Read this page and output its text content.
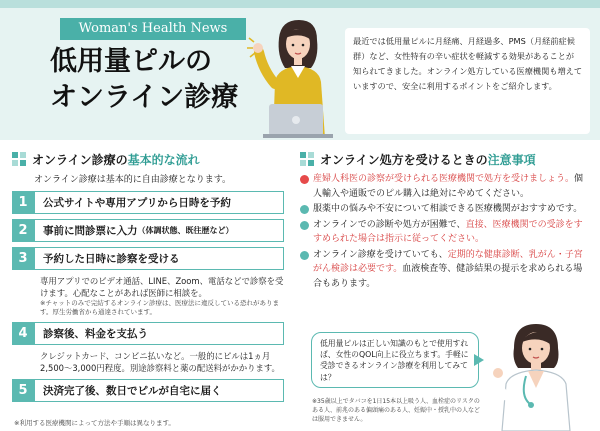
Woman's Health News
低用量ピルの
オンライン診療

最近では低用量ピルに月経痛、月経過多、PMS（月経前症候群）など、女性特有の辛い症状を軽減する効果があることが知られてきました。オンライン処方している医療機関も増えていますので、安全に利用するポイントをご紹介します。

オンライン診療の 基本的な流れ
オンライン診療は基本的に自由診療となります。
1	公式サイトや専用アプリから日時を予約
2	事前に問診票に入力 （体調状態、既往歴など）
3	予約した日時に診察を受ける
専用アプリでのビデオ通話、LINE、Zoom、電話などで診察を受けます。心配なことがあれば医師に相談を。
※チャットのみで完結するオンライン診療は、医療法に違反している恐れがあります。厚生労働省から通達されています。
4	診察後、料金を支払う
クレジットカード、コンビニ払いなど。一般的にピルは1ヵ月2,500〜3,000円程度。別途診察料と薬の配送料がかかります。
5	決済完了後、数日でピルが自宅に届く
※利用する医療機関によって方法や手順は異なります。
オンライン処方を受けるときの 注意事項
産婦人科医の診察が受けられる医療機関で処方を受けましょう。個人輸入や通販でのピル購入は絶対にやめてください。
服薬中の悩みや不安について相談できる医療機関がおすすめです。
オンラインでの診断や処方が困難で、直接、医療機関での受診をすすめられた場合は指示に従ってください。
オンライン診療を受けていても、定期的な健康診断、乳がん・子宮がん検診は必要です。血液検査等、健診結果の提示を求められる場合もあります。
低用量ピルは正しい知識のもとで使用すれば、女性のQOL向上に役立ちます。手軽に受診できるオンライン診療を利用してみては？
※35歳以上でタバコを1日15本以上吸う人、血栓症のリスクのある人、前兆のある偏頭痛のある人、妊娠中・授乳中の人などは服用できません。
